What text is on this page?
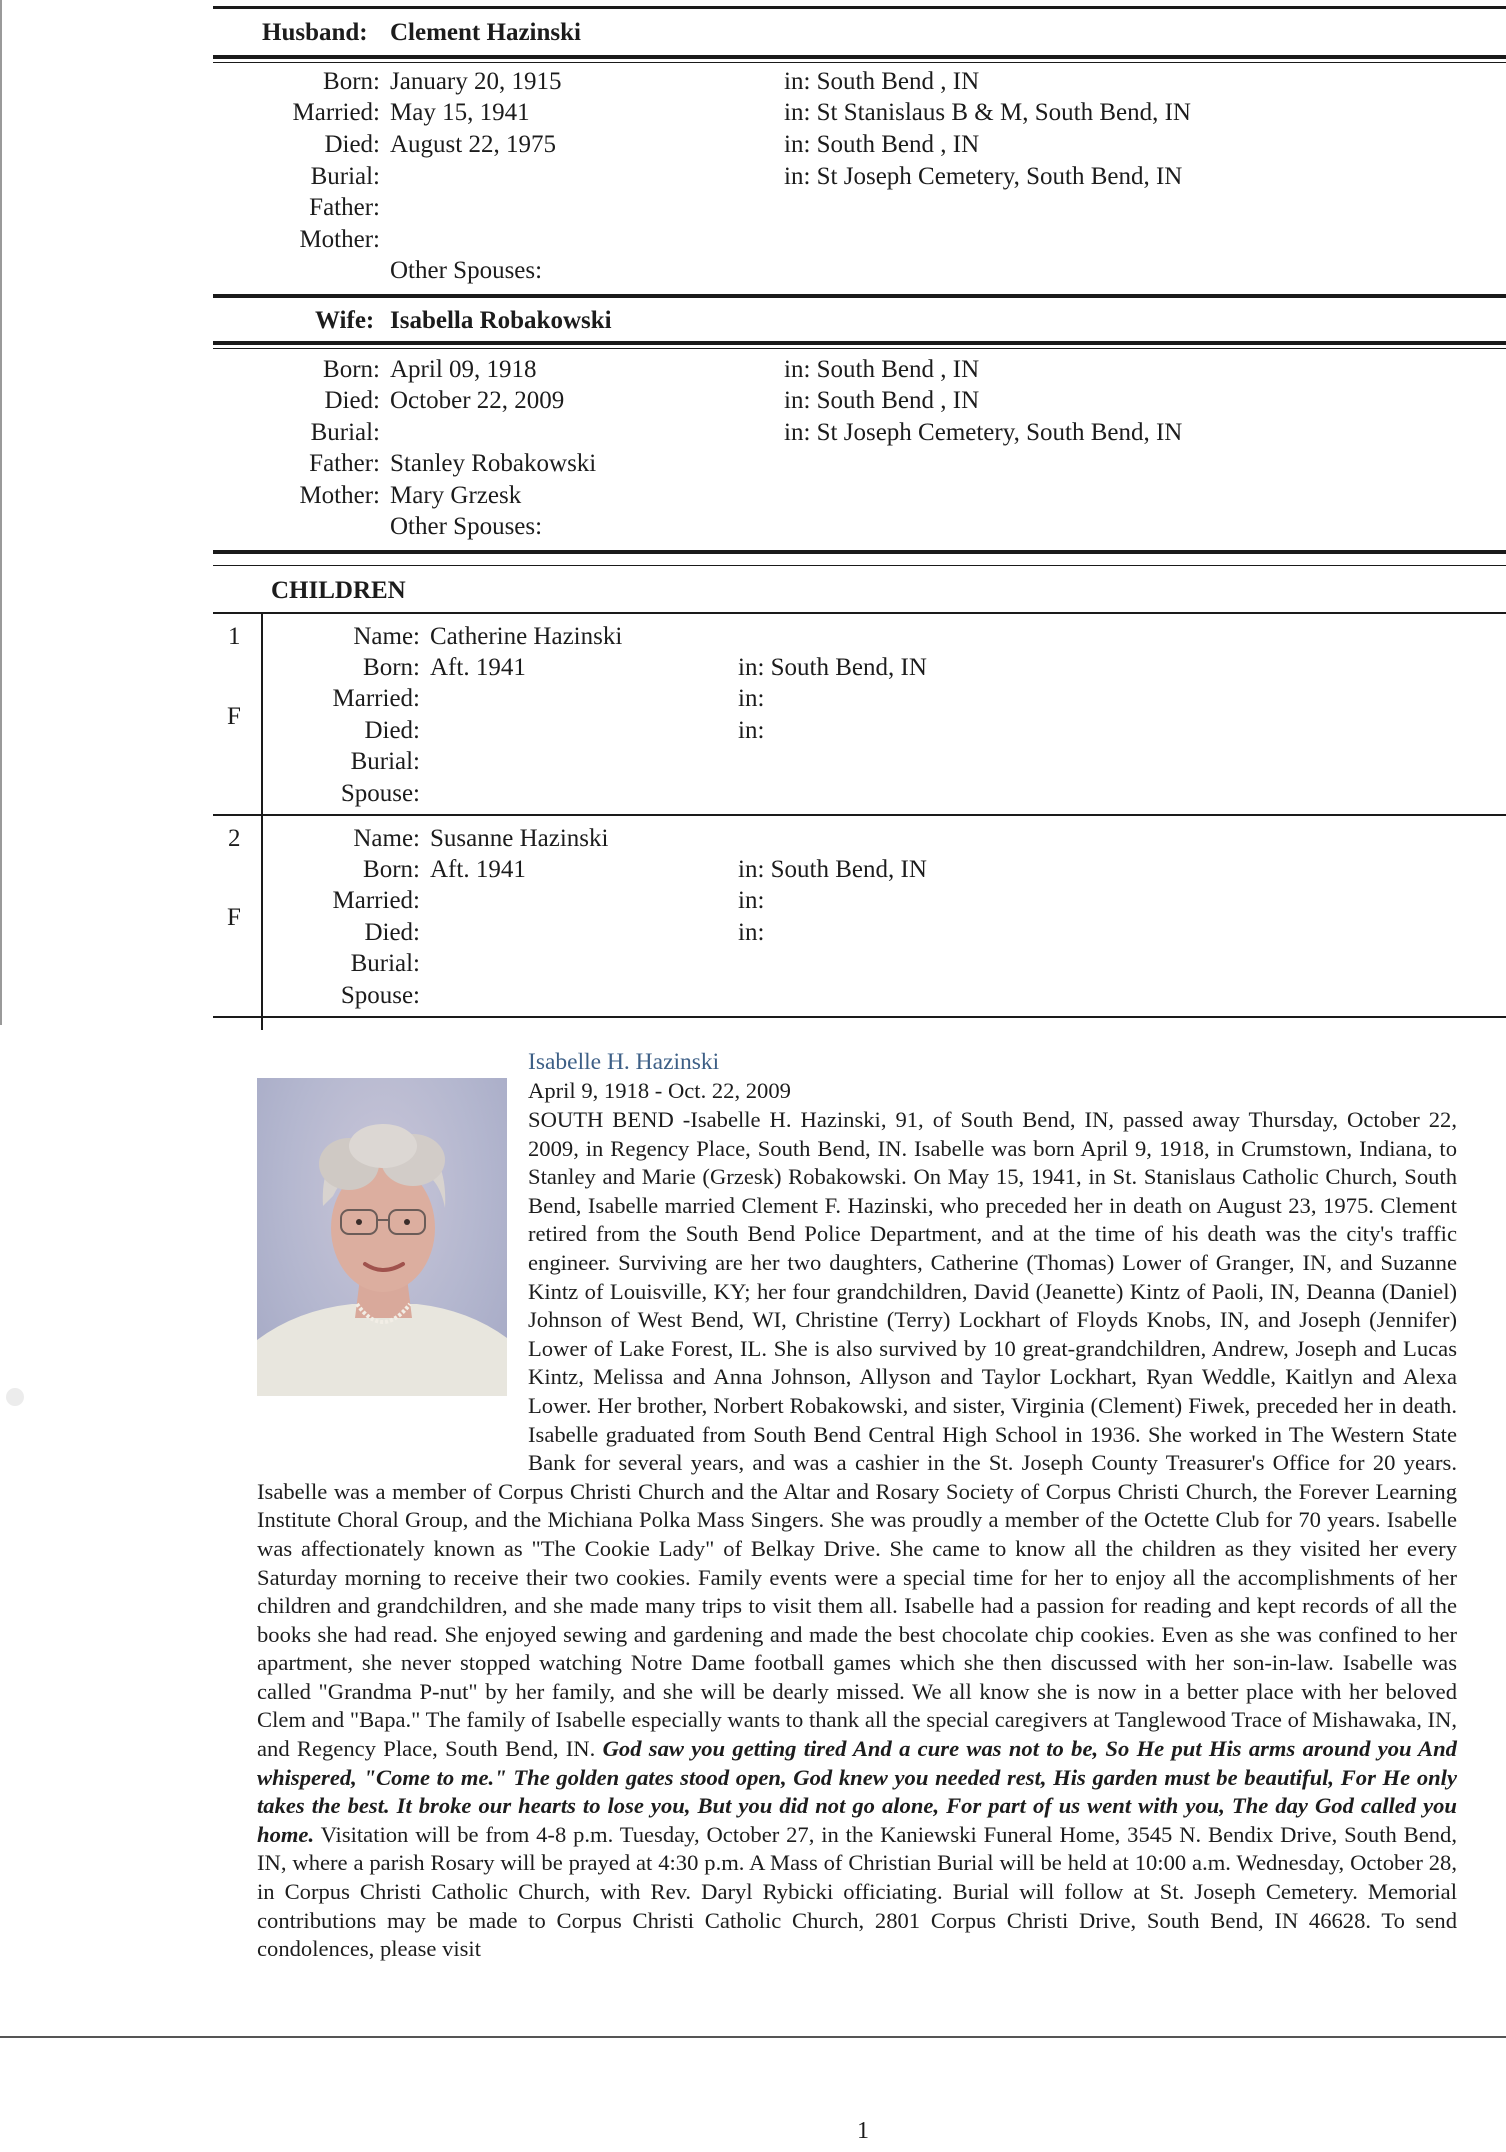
Husband: Clement Hazinski
Born:
Married:
Died:
Burial:
Father:
Mother:
January 20, 1915
May 15, 1941
August 22, 1975
in: South Bend , IN
in: St Stanislaus B & M, South Bend, IN
in: South Bend , IN
in: St Joseph Cemetery, South Bend, IN
Other Spouses:
Wife: Isabella Robakowski
Born:
Died:
Burial:
Father:
Mother:
April 09, 1918
October 22, 2009
Stanley Robakowski
Mary Grzesk
in: South Bend , IN
in: South Bend , IN
in: St Joseph Cemetery, South Bend, IN
Other Spouses:
CHILDREN
1
F
Name:
Born:
Married:
Died:
Burial:
Spouse:
Catherine Hazinski
Aft. 1941	in: South Bend, IN
in:
in:
2
F
Name:
Born:
Married:
Died:
Burial:
Spouse:
Susanne Hazinski
Aft. 1941	in: South Bend, IN
in:
in:
Isabelle H. Hazinski
April 9, 1918 - Oct. 22, 2009
SOUTH BEND -Isabelle H. Hazinski, 91, of South Bend, IN, passed away Thursday, October 22, 2009, in Regency Place, South Bend, IN. Isabelle was born April 9, 1918, in Crumstown, Indiana, to Stanley and Marie (Grzesk) Robakowski. On May 15, 1941, in St. Stanislaus Catholic Church, South Bend, Isabelle married Clement F. Hazinski, who preceded her in death on August 23, 1975. Clement retired from the South Bend Police Department, and at the time of his death was the city's traffic engineer. Surviving are her two daughters, Catherine (Thomas) Lower of Granger, IN, and Suzanne Kintz of Louisville, KY; her four grandchildren, David (Jeanette) Kintz of Paoli, IN, Deanna (Daniel) Johnson of West Bend, WI, Christine (Terry) Lockhart of Floyds Knobs, IN, and Joseph (Jennifer) Lower of Lake Forest, IL. She is also survived by 10 great-grandchildren, Andrew, Joseph and Lucas Kintz, Melissa and Anna Johnson, Allyson and Taylor Lockhart, Ryan Weddle, Kaitlyn and Alexa Lower. Her brother, Norbert Robakowski, and sister, Virginia (Clement) Fiwek, preceded her in death. Isabelle graduated from South Bend Central High School in 1936. She worked in The Western State Bank for several years, and was a cashier in the St. Joseph County Treasurer's Office for 20 years. Isabelle was a member of Corpus Christi Church and the Altar and Rosary Society of Corpus Christi Church, the Forever Learning Institute Choral Group, and the Michiana Polka Mass Singers. She was proudly a member of the Octette Club for 70 years. Isabelle was affectionately known as "The Cookie Lady" of Belkay Drive. She came to know all the children as they visited her every Saturday morning to receive their two cookies. Family events were a special time for her to enjoy all the accomplishments of her children and grandchildren, and she made many trips to visit them all. Isabelle had a passion for reading and kept records of all the books she had read. She enjoyed sewing and gardening and made the best chocolate chip cookies. Even as she was confined to her apartment, she never stopped watching Notre Dame football games which she then discussed with her son-in-law. Isabelle was called "Grandma P-nut" by her family, and she will be dearly missed. We all know she is now in a better place with her beloved Clem and "Bapa." The family of Isabelle especially wants to thank all the special caregivers at Tanglewood Trace of Mishawaka, IN, and Regency Place, South Bend, IN. God saw you getting tired And a cure was not to be, So He put His arms around you And whispered, "Come to me." The golden gates stood open, God knew you needed rest, His garden must be beautiful, For He only takes the best. It broke our hearts to lose you, But you did not go alone, For part of us went with you, The day God called you home. Visitation will be from 4-8 p.m. Tuesday, October 27, in the Kaniewski Funeral Home, 3545 N. Bendix Drive, South Bend, IN, where a parish Rosary will be prayed at 4:30 p.m. A Mass of Christian Burial will be held at 10:00 a.m. Wednesday, October 28, in Corpus Christi Catholic Church, with Rev. Daryl Rybicki officiating. Burial will follow at St. Joseph Cemetery. Memorial contributions may be made to Corpus Christi Catholic Church, 2801 Corpus Christi Drive, South Bend, IN 46628. To send condolences, please visit
1
